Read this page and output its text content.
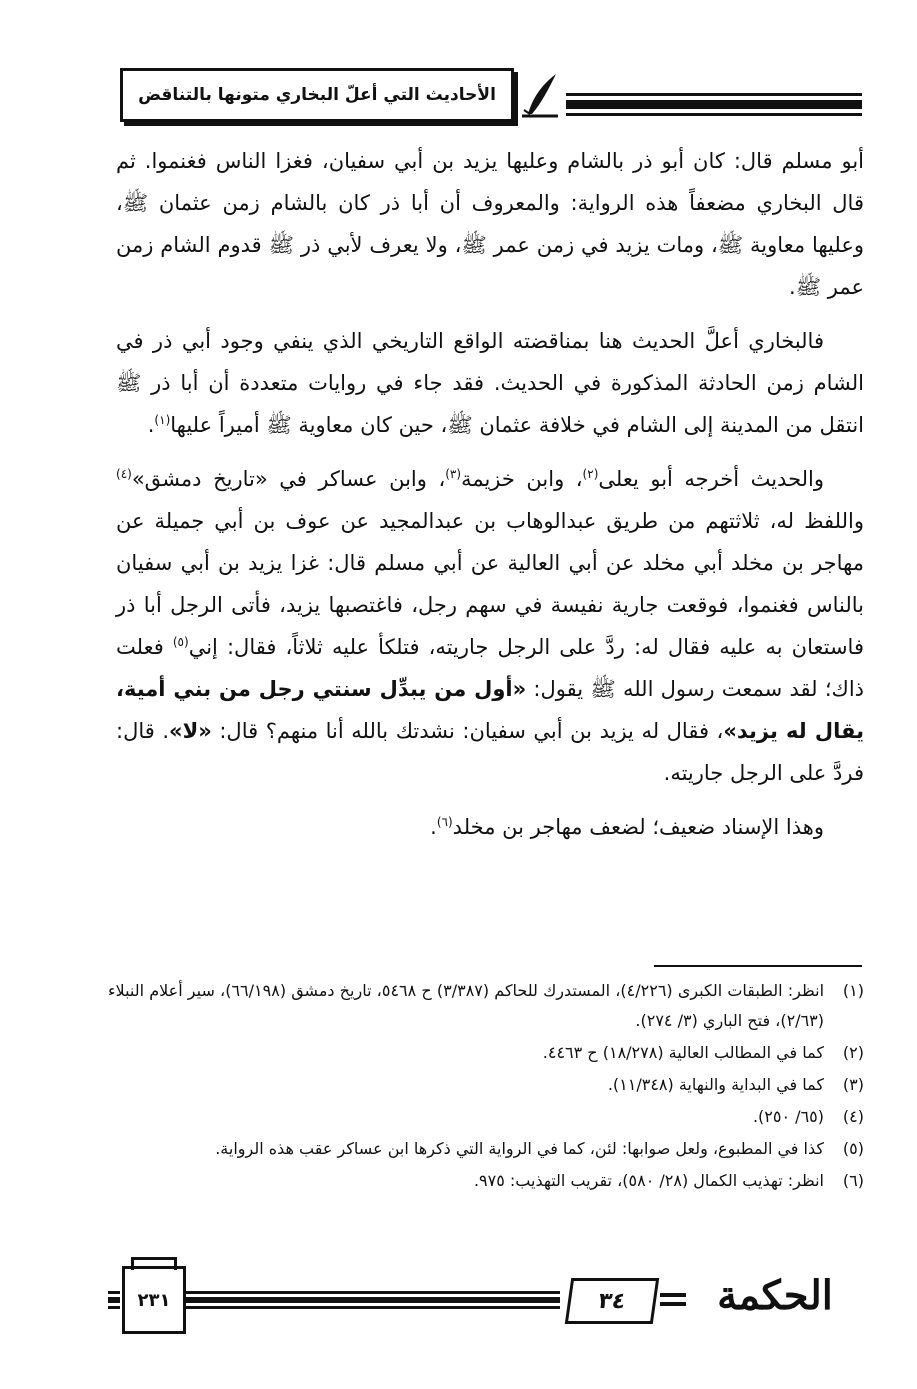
الأحاديث التي أعلّ البخاري متونها بالتناقض

أبو مسلم قال: كان أبو ذر بالشام وعليها يزيد بن أبي سفيان، فغزا الناس فغنموا. ثم قال البخاري مضعفاً هذه الرواية: والمعروف أن أبا ذر كان بالشام زمن عثمان ﷺ، وعليها معاوية ﷺ، ومات يزيد في زمن عمر ﷺ، ولا يعرف لأبي ذر ﷺ قدوم الشام زمن عمر ﷺ.

فالبخاري أعلَّ الحديث هنا بمناقضته الواقع التاريخي الذي ينفي وجود أبي ذر في الشام زمن الحادثة المذكورة في الحديث. فقد جاء في روايات متعددة أن أبا ذر ﷺ انتقل من المدينة إلى الشام في خلافة عثمان ﷺ، حين كان معاوية ﷺ أميراً عليها$^{(١)}$.

والحديث أخرجه أبو يعلى$^{(٢)}$، وابن خزيمة$^{(٣)}$، وابن عساكر في «تاريخ دمشق»$^{(٤)}$ واللفظ له، ثلاثتهم من طريق عبدالوهاب بن عبدالمجيد عن عوف بن أبي جميلة عن مهاجر بن مخلد أبي مخلد عن أبي العالية عن أبي مسلم قال: غزا يزيد بن أبي سفيان بالناس فغنموا، فوقعت جارية نفيسة في سهم رجل، فاغتصبها يزيد، فأتى الرجل أبا ذر فاستعان به عليه فقال له: ردَّ على الرجل جاريته، فتلكأ عليه ثلاثاً، فقال: إني$^{(٥)}$ فعلت ذاك؛ لقد سمعت رسول الله ﷺ يقول: «أول من يبدِّل سنتي رجل من بني أمية، يقال له يزيد»، فقال له يزيد بن أبي سفيان: نشدتك بالله أنا منهم؟ قال: «لا». قال: فردَّ على الرجل جاريته.

وهذا الإسناد ضعيف؛ لضعف مهاجر بن مخلد$^{(٦)}$.

(١)
انظر: الطبقات الكبرى (٤/٢٢٦)، المستدرك للحاكم (٣/٣٨٧) ح ٥٤٦٨، تاريخ دمشق (٦٦/١٩٨)، سير أعلام النبلاء (٢/٦٣)، فتح الباري (٣/ ٢٧٤).
(٢)
كما في المطالب العالية (١٨/٢٧٨) ح ٤٤٦٣.
(٣)
كما في البداية والنهاية (١١/٣٤٨).
(٤)
(٦٥/ ٢٥٠).
(٥)
كذا في المطبوع، ولعل صوابها: لئن، كما في الرواية التي ذكرها ابن عساكر عقب هذه الرواية.
(٦)
انظر: تهذيب الكمال (٢٨/ ٥٨٠)، تقريب التهذيب: ٩٧٥.
٢٣١	٣٤	الحكمة
